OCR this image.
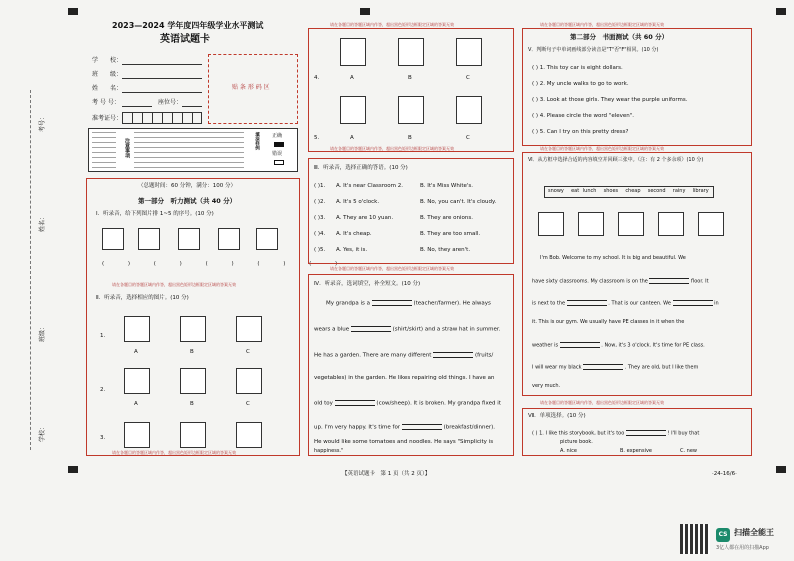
考号：
姓名：
班级：
学校：
2023—2024 学年度四年级学业水平测试
英语试题卡
学　　校：
班　　级：
姓　　名：
考 号 号：	座位号：
准考证号：
贴 条 形 码 区
注意事项	填涂样例	正确
错误
（总题时间：60 分钟，满分：100 分）
第一部分　听力测试（共 40 分）
Ⅰ．听录音，给下列图片排 1~5 的序号。(10 分)
( ) ( ) ( ) ( ) ( )
请在各题目的答题区域内作答，超出黑色矩形边框限定区域的答案无效
Ⅱ．听录音，选择相应的图片。(10 分)
1.
A	B	C
2.
A	B	C
3.
请在各题目的答题区域内作答，超出黑色矩形边框限定区域的答案无效
请在各题目的答题区域内作答，超出黑色矩形边框限定区域的答案无效
4.	A	B	C
5.	A	B	C
请在各题目的答题区域内作答，超出黑色矩形边框限定区域的答案无效
Ⅲ．听录音，选择正确的答语。(10 分)
( )1. A. It's near Classroom 2.	B. It's Miss White's.
( )2. A. It's 5 o'clock.	B. No, you can't. It's cloudy.
( )3. A. They are 10 yuan.	B. They are onions.
( )4. A. It's cheap.	B. They are too small.
( )5. A. Yes, it is.	B. No, they aren't.
请在各题目的答题区域内作答，超出黑色矩形边框限定区域的答案无效
Ⅳ．听录音，选词填空，补全短文。(10 分)
My grandpa is a	(teacher/farmer). He always
wears a blue	(shirt/skirt) and a straw hat in summer.
He has a garden. There are many different	(fruits/
vegetables) in the garden. He likes repairing old things. I have an
old toy	(cow/sheep). It is broken. My grandpa fixed it
up. I'm very happy. It's time for	(breakfast/dinner).
He would like some tomatoes and noodles. He says "Simplicity is
happiness."
请在各题目的答题区域内作答，超出黑色矩形边框限定区域的答案无效
第二部分　书面测试（共 60 分）
Ⅴ．判断句子中单词画线部分读音是"T"否"F"相同。(10 分)
( ) 1. This toy car is eight dollars.
( ) 2. My uncle walks to go to work.
( ) 3. Look at those girls. They wear the purple uniforms.
( ) 4. Please circle the word "eleven".
( ) 5. Can I try on this pretty dress?
请在各题目的答题区域内作答，超出黑色矩形边框限定区域的答案无效
Ⅵ．从方框中选择合适的内容填空并回顾三张中。（注：有 2 个多余项）(10 分)
snowy eat lunch shoes cheap second rainy library
I'm Bob. Welcome to my school. It is big and beautiful. We
have sixty classrooms. My classroom is on the	floor. It
is next to the	. That is our canteen. We	in
it. This is our gym. We usually have PE classes in it when the
weather is	. Now, it's 3 o'clock. It's time for PE class.
I will wear my black	. They are old, but I like them
very much.
请在各题目的答题区域内作答，超出黑色矩形边框限定区域的答案无效
Ⅶ．单项选择。(10 分)
( ) 1. I like this storybook, but it's too	! I'll buy that
picture book.
A. nice	B. expensive	C. new
【英语试题卡　第 1 页（共 2 页）】	·24-16/6·
CS 扫描全能王
3亿人都在用的扫描App
